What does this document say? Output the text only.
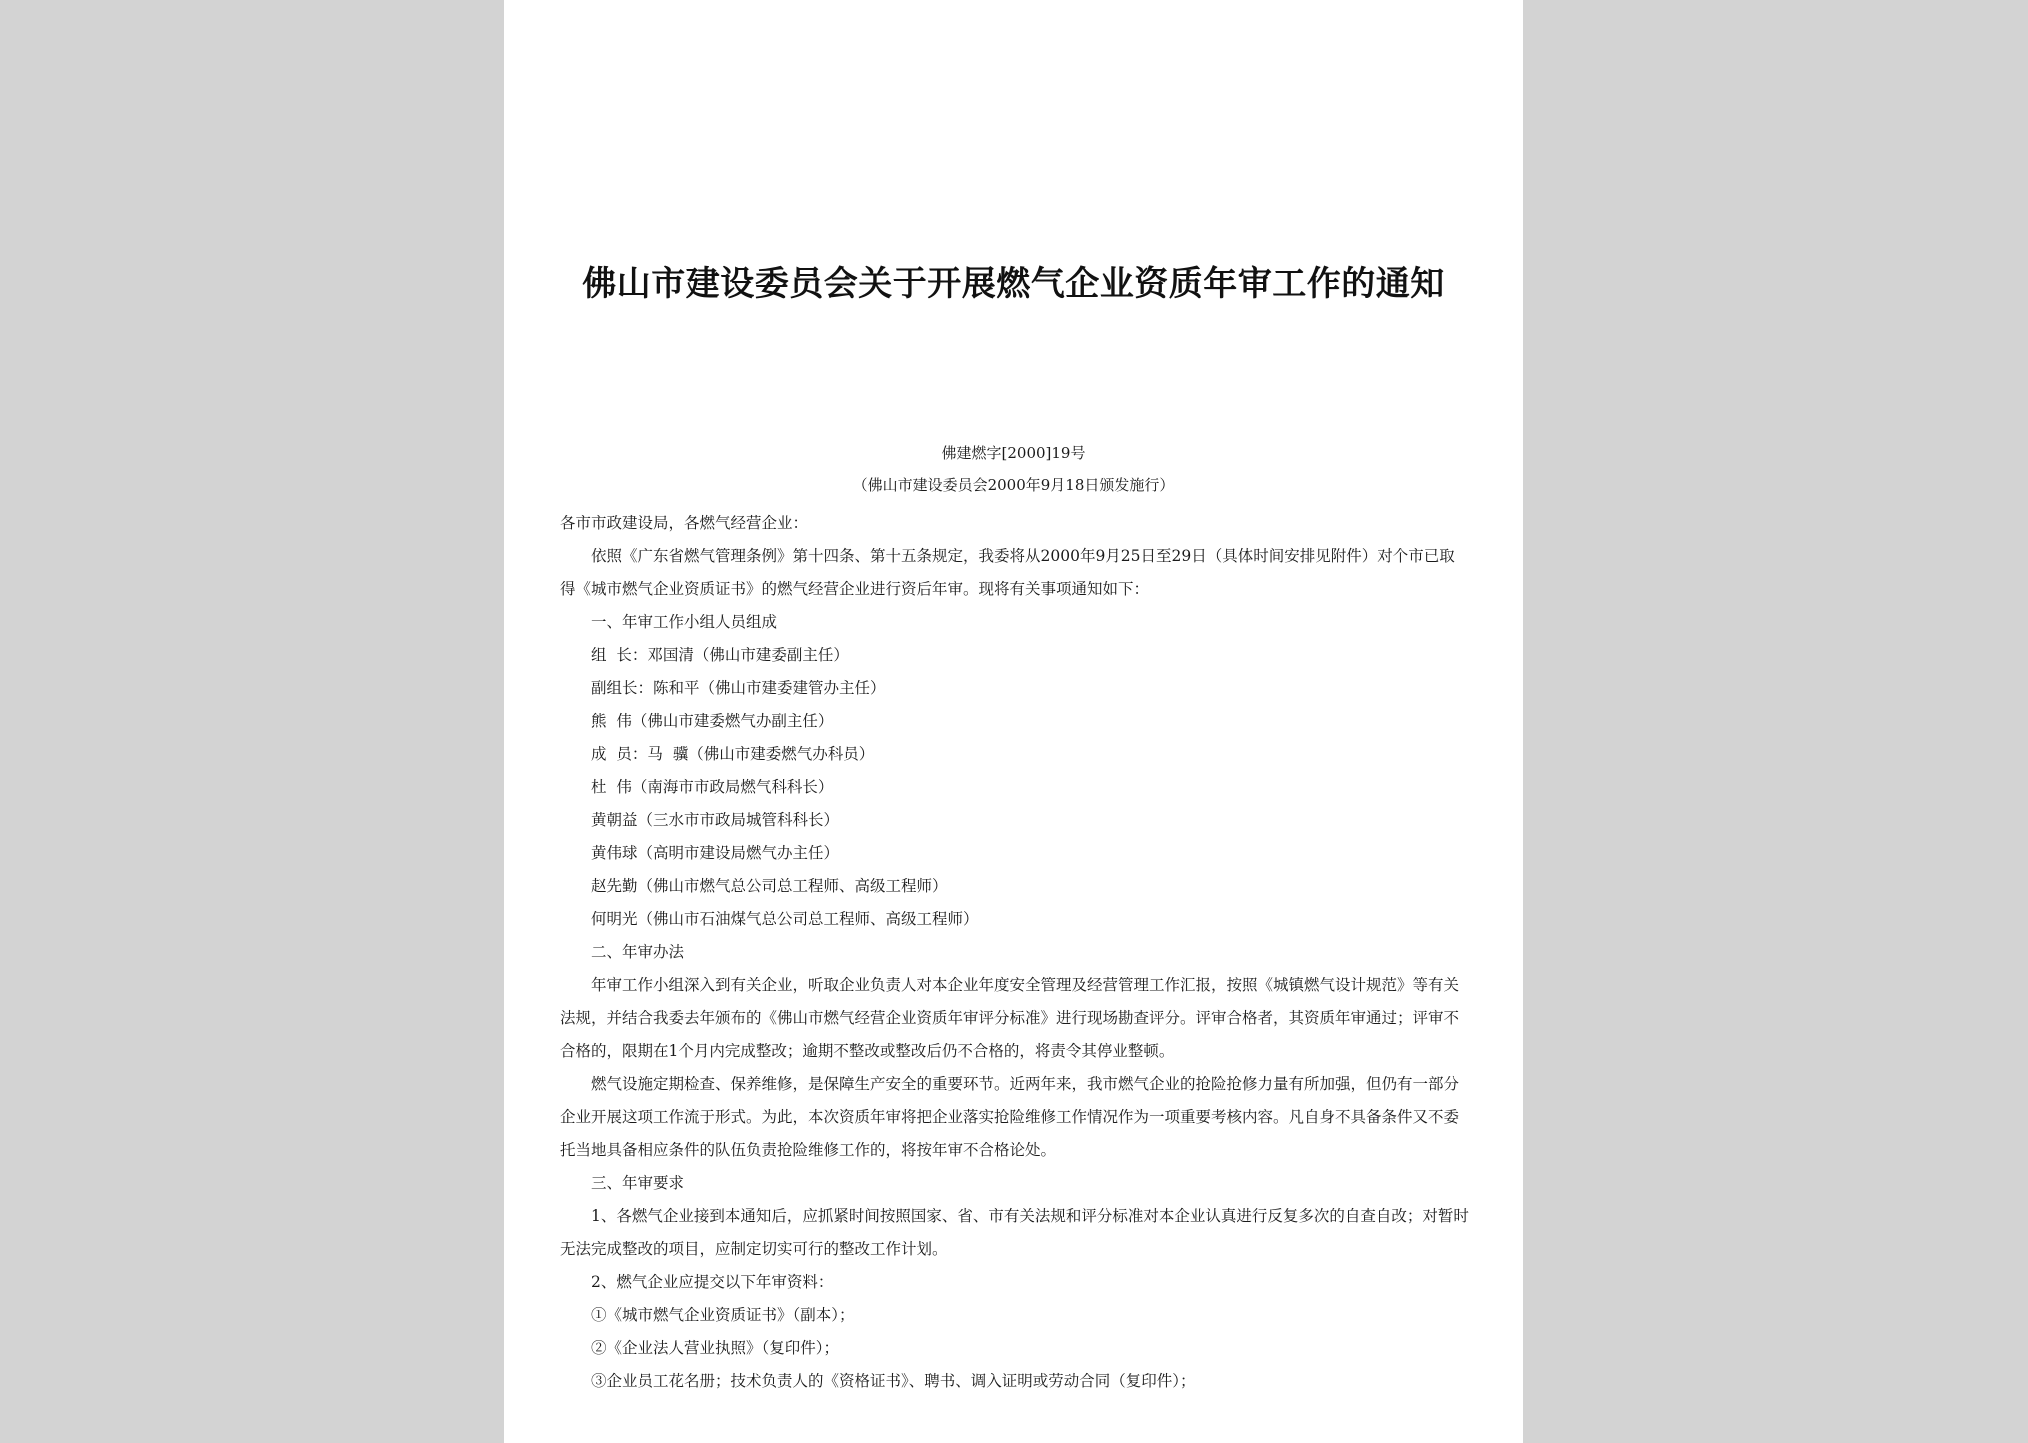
佛山市建设委员会关于开展燃气企业资质年审工作的通知
佛建燃字[2000]19号
（佛山市建设委员会2000年9月18日颁发施行）

各市市政建设局，各燃气经营企业：

依照《广东省燃气管理条例》第十四条、第十五条规定，我委将从2000年9月25日至29日（具体时间安排见附件）对个市已取得《城市燃气企业资质证书》的燃气经营企业进行资后年审。现将有关事项通知如下：

一、年审工作小组人员组成

组  长：邓国清（佛山市建委副主任）

副组长：陈和平（佛山市建委建管办主任）

熊  伟（佛山市建委燃气办副主任）

成  员：马  骥（佛山市建委燃气办科员）

杜  伟（南海市市政局燃气科科长）

黄朝益（三水市市政局城管科科长）

黄伟球（高明市建设局燃气办主任）

赵先勤（佛山市燃气总公司总工程师、高级工程师）

何明光（佛山市石油煤气总公司总工程师、高级工程师）

二、年审办法

年审工作小组深入到有关企业，听取企业负责人对本企业年度安全管理及经营管理工作汇报，按照《城镇燃气设计规范》等有关法规，并结合我委去年颁布的《佛山市燃气经营企业资质年审评分标准》进行现场勘查评分。评审合格者，其资质年审通过；评审不合格的，限期在1个月内完成整改；逾期不整改或整改后仍不合格的，将责令其停业整顿。

燃气设施定期检查、保养维修，是保障生产安全的重要环节。近两年来，我市燃气企业的抢险抢修力量有所加强，但仍有一部分企业开展这项工作流于形式。为此，本次资质年审将把企业落实抢险维修工作情况作为一项重要考核内容。凡自身不具备条件又不委托当地具备相应条件的队伍负责抢险维修工作的，将按年审不合格论处。

三、年审要求

1、各燃气企业接到本通知后，应抓紧时间按照国家、省、市有关法规和评分标准对本企业认真进行反复多次的自查自改；对暂时无法完成整改的项目，应制定切实可行的整改工作计划。

2、燃气企业应提交以下年审资料：

①《城市燃气企业资质证书》（副本）；

②《企业法人营业执照》（复印件）；

③企业员工花名册；技术负责人的《资格证书》、聘书、调入证明或劳动合同（复印件）；
